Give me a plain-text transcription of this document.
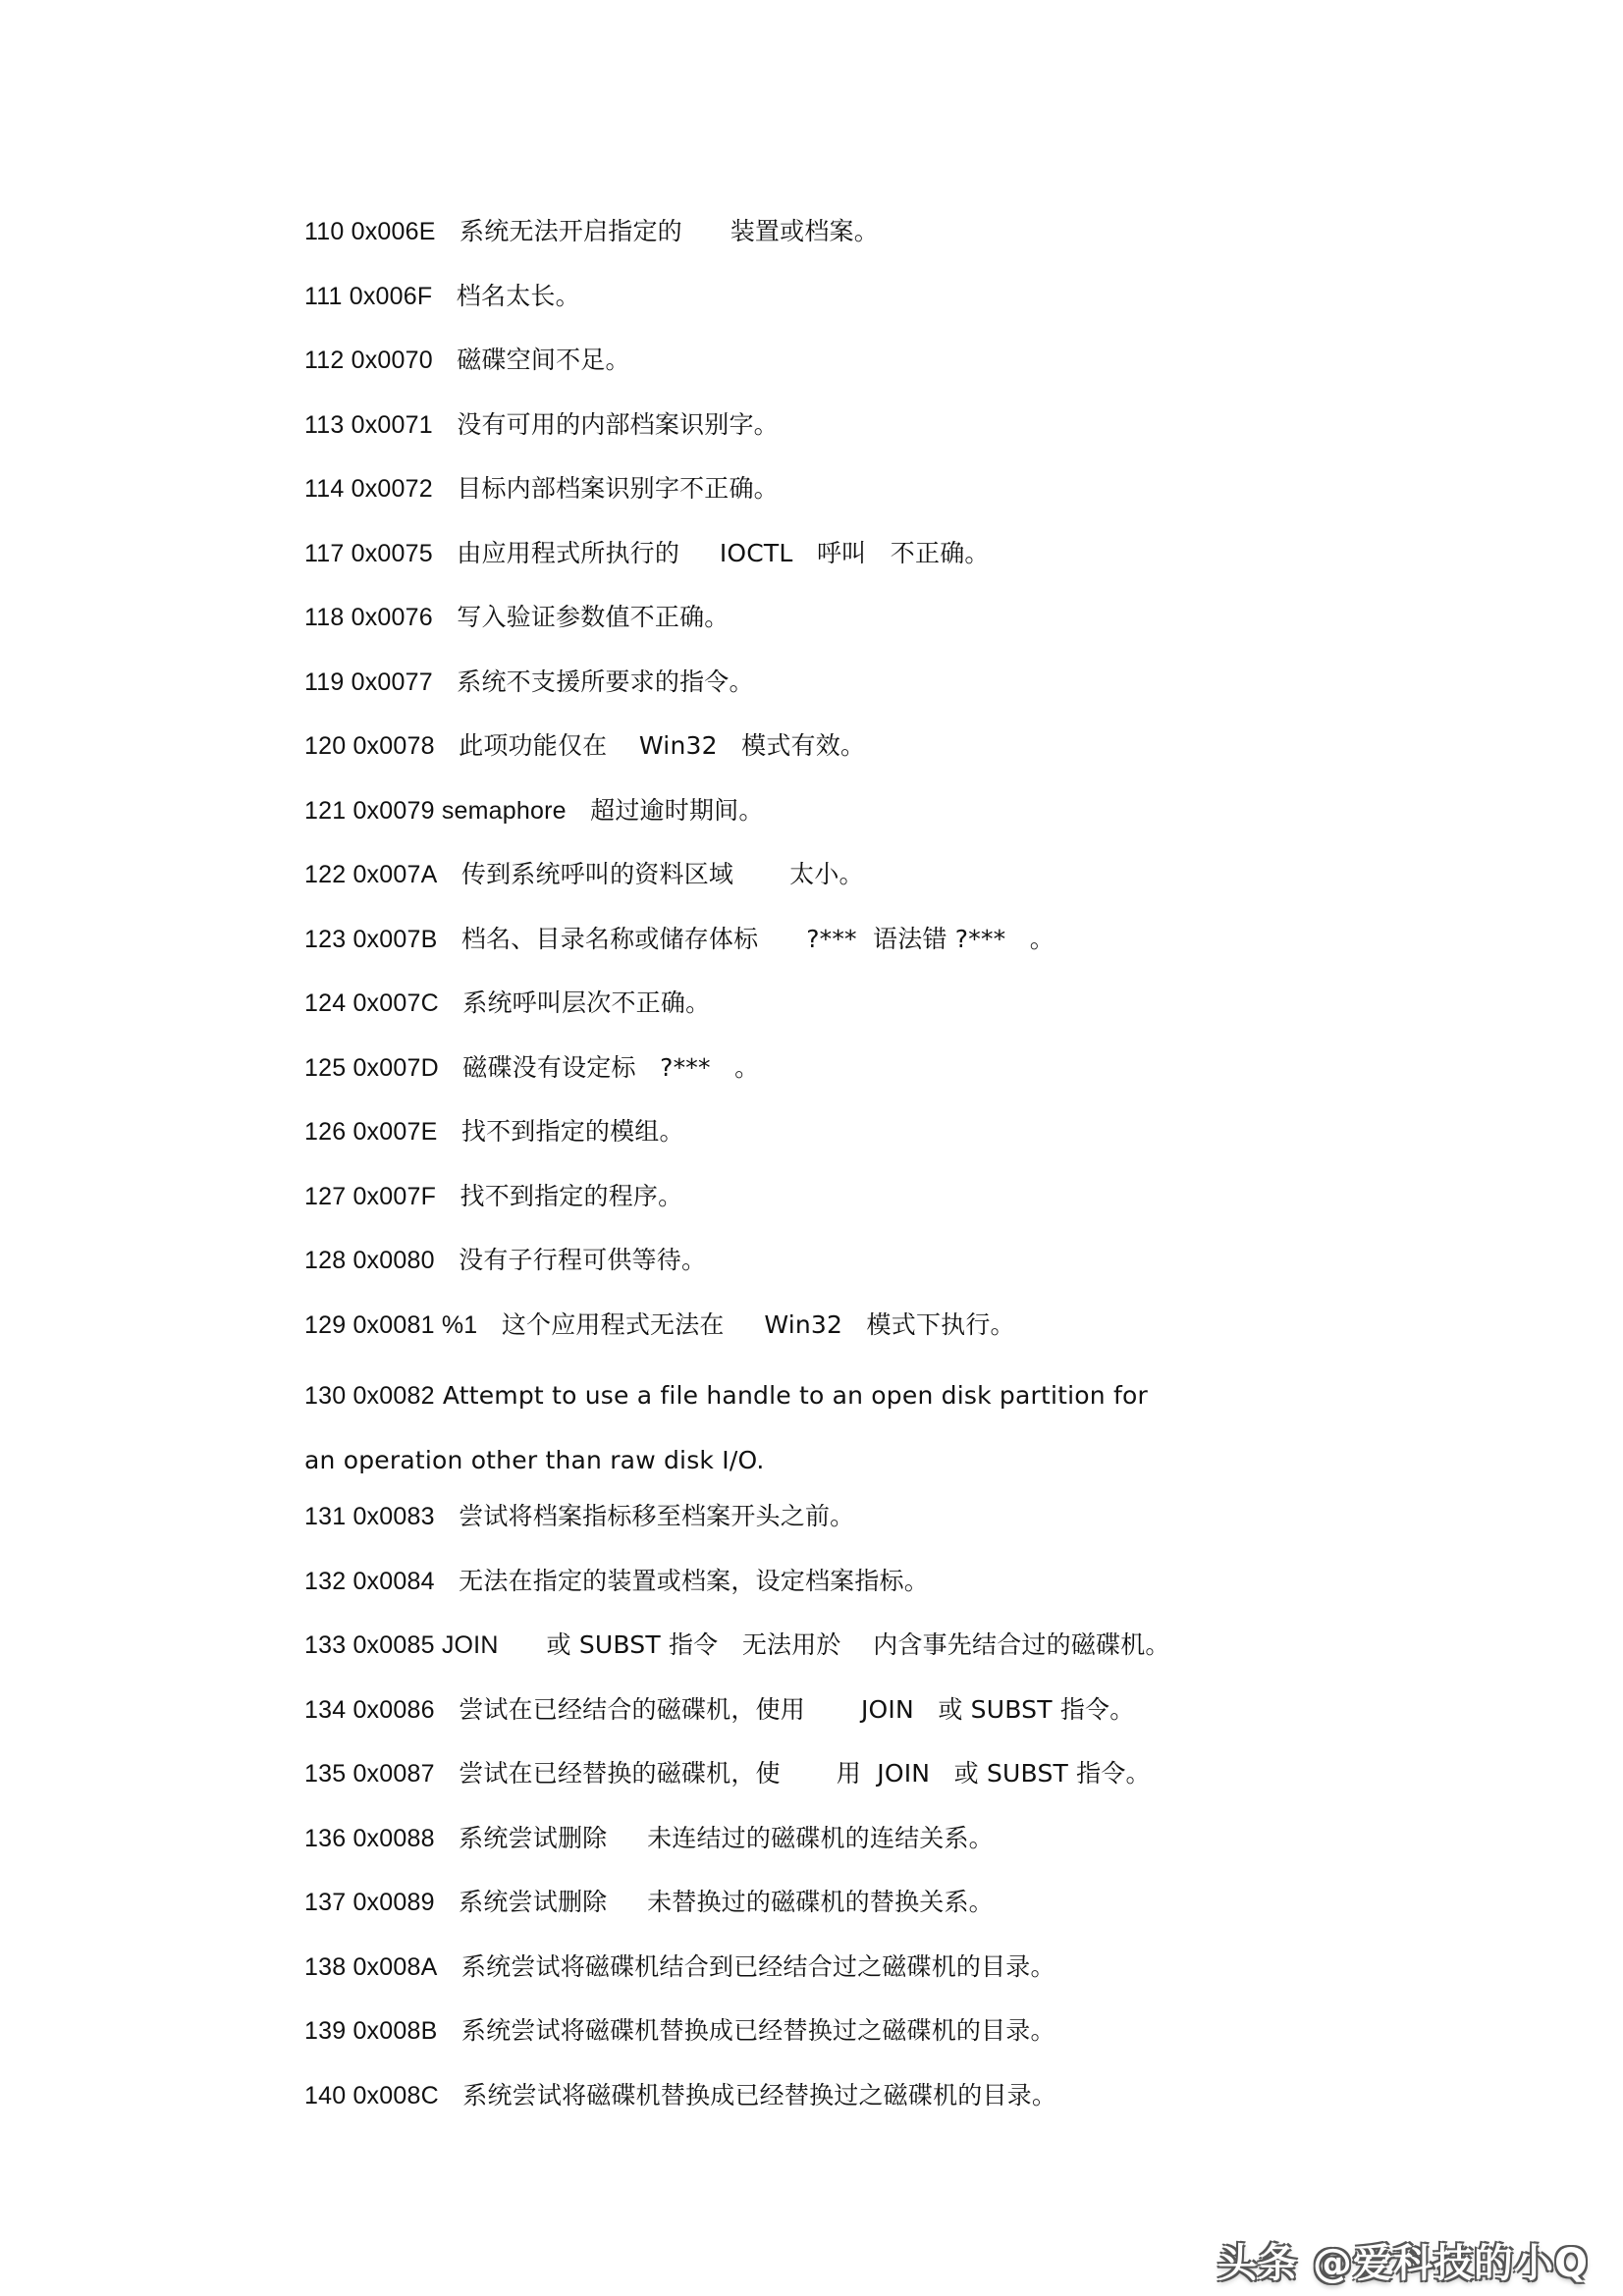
110 0x006E 系统无法开启指定的      装置或档案。
111 0x006F 档名太长。
112 0x0070 磁碟空间不足。
113 0x0071 没有可用的内部档案识别字。
114 0x0072 目标内部档案识别字不正确。
117 0x0075 由应用程式所执行的     IOCTL   呼叫   不正确。
118 0x0076 写入验证参数值不正确。
119 0x0077 系统不支援所要求的指令。
120 0x0078 此项功能仅在    Win32   模式有效。
121 0x0079 semaphore 超过逾时期间。
122 0x007A 传到系统呼叫的资料区域       太小。
123 0x007B 档名、目录名称或储存体标      ?***  语法错 ?***   。
124 0x007C 系统呼叫层次不正确。
125 0x007D 磁碟没有设定标   ?***   。
126 0x007E 找不到指定的模组。
127 0x007F 找不到指定的程序。
128 0x0080 没有子行程可供等待。
129 0x0081 %1 这个应用程式无法在     Win32   模式下执行。
130 0x0082 Attempt to use a file handle to an open disk partition for an operation other than raw disk I/O.
131 0x0083 尝试将档案指标移至档案开头之前。
132 0x0084 无法在指定的装置或档案，设定档案指标。
133 0x0085 JOIN      或 SUBST 指令   无法用於    内含事先结合过的磁碟机。
134 0x0086 尝试在已经结合的磁碟机，使用       JOIN   或 SUBST 指令。
135 0x0087 尝试在已经替换的磁碟机，使       用  JOIN   或 SUBST 指令。
136 0x0088 系统尝试删除     未连结过的磁碟机的连结关系。
137 0x0089 系统尝试删除     未替换过的磁碟机的替换关系。
138 0x008A 系统尝试将磁碟机结合到已经结合过之磁碟机的目录。
139 0x008B 系统尝试将磁碟机替换成已经替换过之磁碟机的目录。
140 0x008C 系统尝试将磁碟机替换成已经替换过之磁碟机的目录。
头条 @爱科技的小Q
